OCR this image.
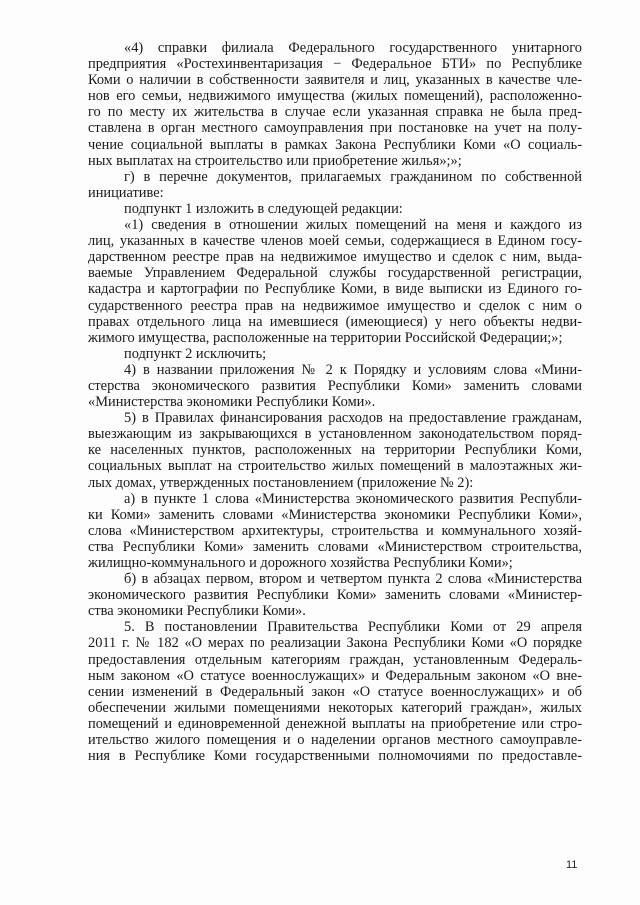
«4) справки филиала Федерального государственного унитарного
предприятия «Ростехинвентаризация − Федеральное БТИ» по Республике
Коми о наличии в собственности заявителя и лиц, указанных в качестве чле-
нов его семьи, недвижимого имущества (жилых помещений), расположенно-
го по месту их жительства в случае если указанная справка не была пред-
ставлена в орган местного самоуправления при постановке на учет на полу-
чение социальной выплаты в рамках Закона Республики Коми «О социаль-
ных выплатах на строительство или приобретение жилья»;»;
г) в перечне документов, прилагаемых гражданином по собственной
инициативе:
подпункт 1 изложить в следующей редакции:
«1) сведения в отношении жилых помещений на меня и каждого из
лиц, указанных в качестве членов моей семьи, содержащиеся в Едином госу-
дарственном реестре прав на недвижимое имущество и сделок с ним, выда-
ваемые Управлением Федеральной службы государственной регистрации,
кадастра и картографии по Республике Коми, в виде выписки из Единого го-
сударственного реестра прав на недвижимое имущество и сделок с ним о
правах отдельного лица на имевшиеся (имеющиеся) у него объекты недви-
жимого имущества, расположенные на территории Российской Федерации;»;
подпункт 2 исключить;
4) в названии приложения № 2 к Порядку и условиям слова «Мини-
стерства экономического развития Республики Коми» заменить словами
«Министерства экономики Республики Коми».
5) в Правилах финансирования расходов на предоставление гражданам,
выезжающим из закрывающихся в установленном законодательством поряд-
ке населенных пунктов, расположенных на территории Республики Коми,
социальных выплат на строительство жилых помещений в малоэтажных жи-
лых домах, утвержденных постановлением (приложение № 2):
а) в пункте 1 слова «Министерства экономического развития Республи-
ки Коми» заменить словами «Министерства экономики Республики Коми»,
слова «Министерством архитектуры, строительства и коммунального хозяй-
ства Республики Коми» заменить словами «Министерством строительства,
жилищно-коммунального и дорожного хозяйства Республики Коми»;
б) в абзацах первом, втором и четвертом пункта 2 слова «Министерства
экономического развития Республики Коми» заменить словами «Министер-
ства экономики Республики Коми».
5. В постановлении Правительства Республики Коми от 29 апреля
2011 г. № 182 «О мерах по реализации Закона Республики Коми «О порядке
предоставления отдельным категориям граждан, установленным Федераль-
ным законом «О статусе военнослужащих» и Федеральным законом «О вне-
сении изменений в Федеральный закон «О статусе военнослужащих» и об
обеспечении жилыми помещениями некоторых категорий граждан», жилых
помещений и единовременной денежной выплаты на приобретение или стро-
ительство жилого помещения и о наделении органов местного самоуправле-
ния в Республике Коми государственными полномочиями по предоставле-
11
